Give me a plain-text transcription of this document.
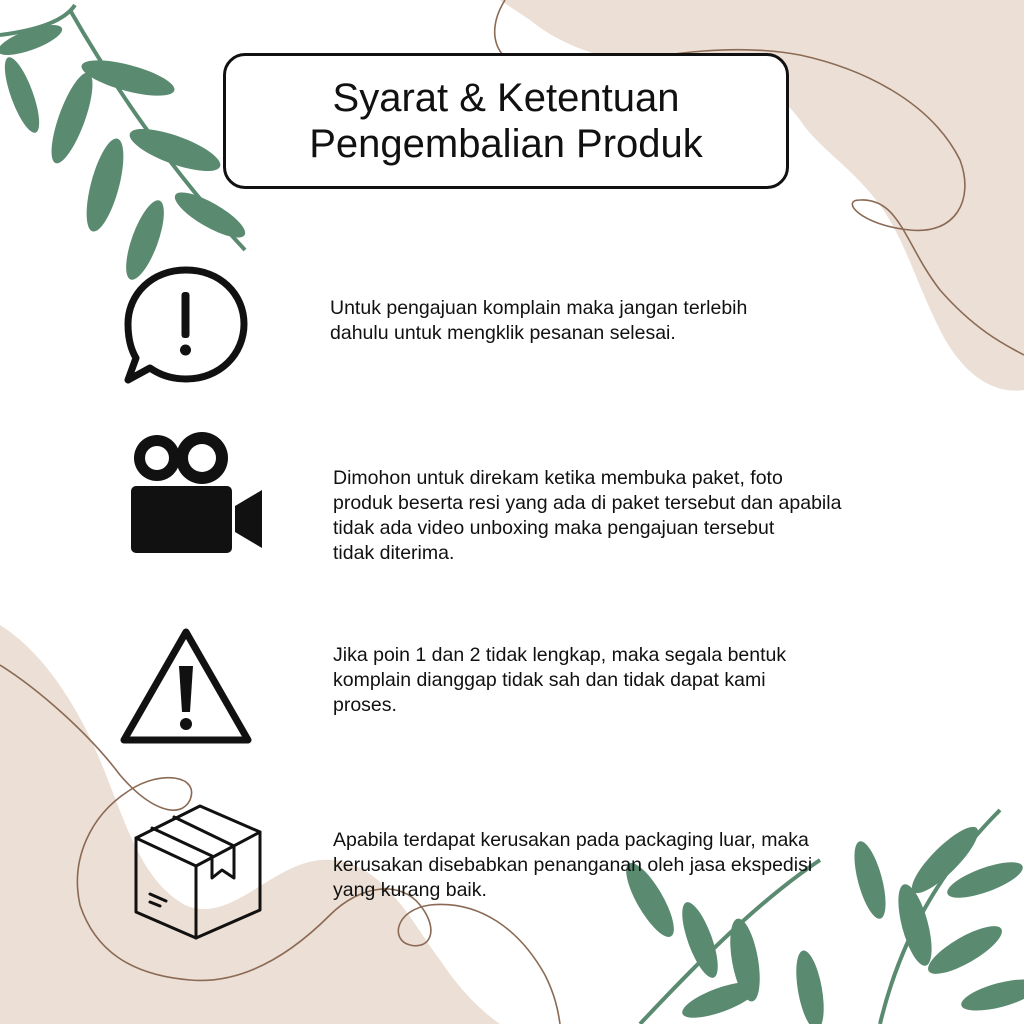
Syarat & Ketentuan
Pengembalian Produk
Untuk pengajuan komplain maka jangan terlebih
dahulu untuk mengklik pesanan selesai.
Dimohon untuk direkam ketika membuka paket, foto
produk beserta resi yang ada di paket tersebut dan apabila
tidak ada video unboxing maka pengajuan tersebut
tidak diterima.
Jika poin 1 dan 2 tidak lengkap, maka segala bentuk
komplain dianggap tidak sah dan tidak dapat kami
proses.
Apabila terdapat kerusakan pada packaging luar, maka
kerusakan disebabkan penanganan oleh jasa ekspedisi
yang kurang baik.
